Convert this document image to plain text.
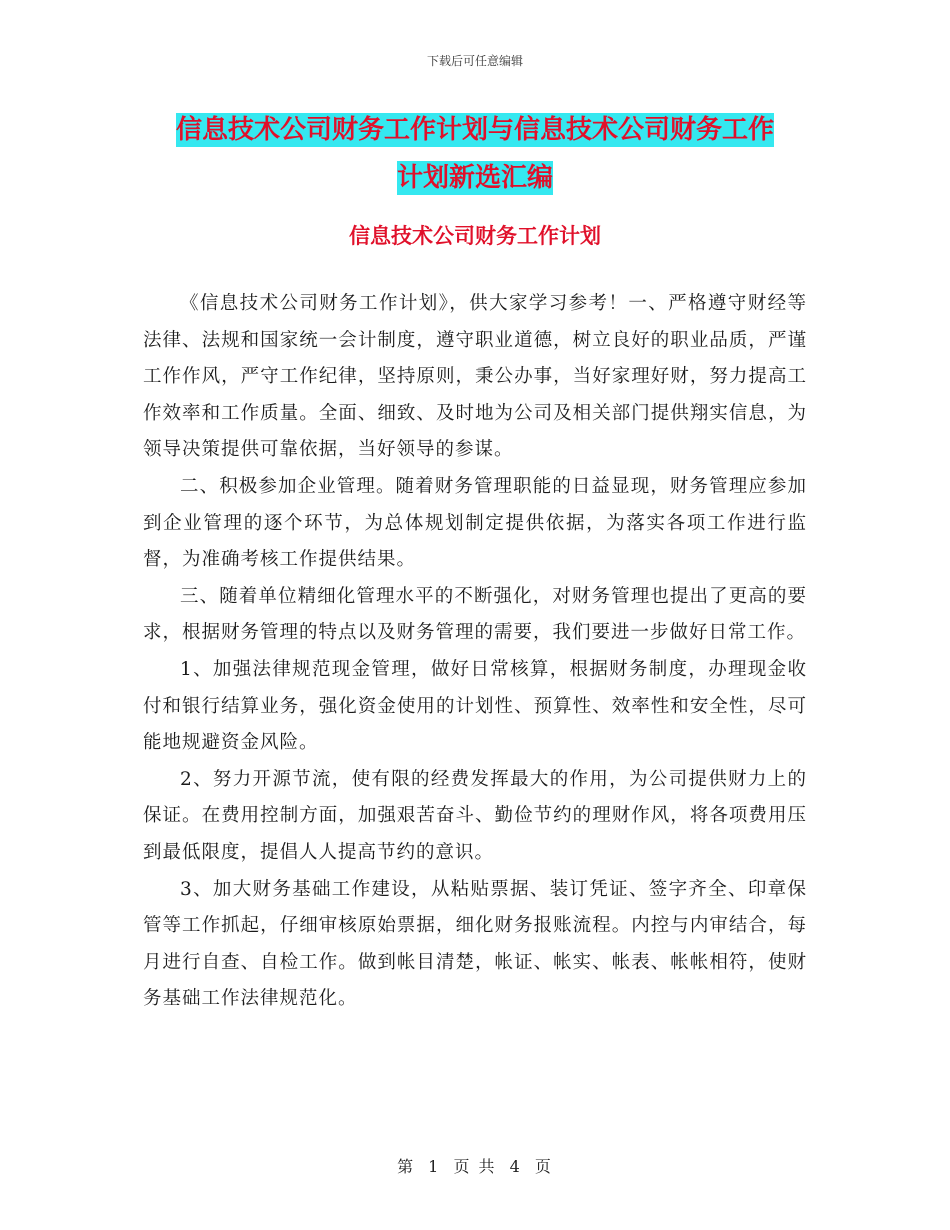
下载后可任意编辑
信息技术公司财务工作计划与信息技术公司财务工作
计划新选汇编
信息技术公司财务工作计划

《信息技术公司财务工作计划》，供大家学习参考！一、严格遵守财经等法律、法规和国家统一会计制度，遵守职业道德，树立良好的职业品质，严谨工作作风，严守工作纪律，坚持原则，秉公办事，当好家理好财，努力提高工作效率和工作质量。全面、细致、及时地为公司及相关部门提供翔实信息，为领导决策提供可靠依据，当好领导的参谋。

二、积极参加企业管理。随着财务管理职能的日益显现，财务管理应参加到企业管理的逐个环节，为总体规划制定提供依据，为落实各项工作进行监督，为准确考核工作提供结果。

三、随着单位精细化管理水平的不断强化，对财务管理也提出了更高的要求，根据财务管理的特点以及财务管理的需要，我们要进一步做好日常工作。

1、加强法律规范现金管理，做好日常核算，根据财务制度，办理现金收付和银行结算业务，强化资金使用的计划性、预算性、效率性和安全性，尽可能地规避资金风险。

2、努力开源节流，使有限的经费发挥最大的作用，为公司提供财力上的保证。在费用控制方面，加强艰苦奋斗、勤俭节约的理财作风，将各项费用压到最低限度，提倡人人提高节约的意识。

3、加大财务基础工作建设，从粘贴票据、装订凭证、签字齐全、印章保管等工作抓起，仔细审核原始票据，细化财务报账流程。内控与内审结合，每月进行自查、自检工作。做到帐目清楚，帐证、帐实、帐表、帐帐相符，使财务基础工作法律规范化。

第 1 页 共 4 页
